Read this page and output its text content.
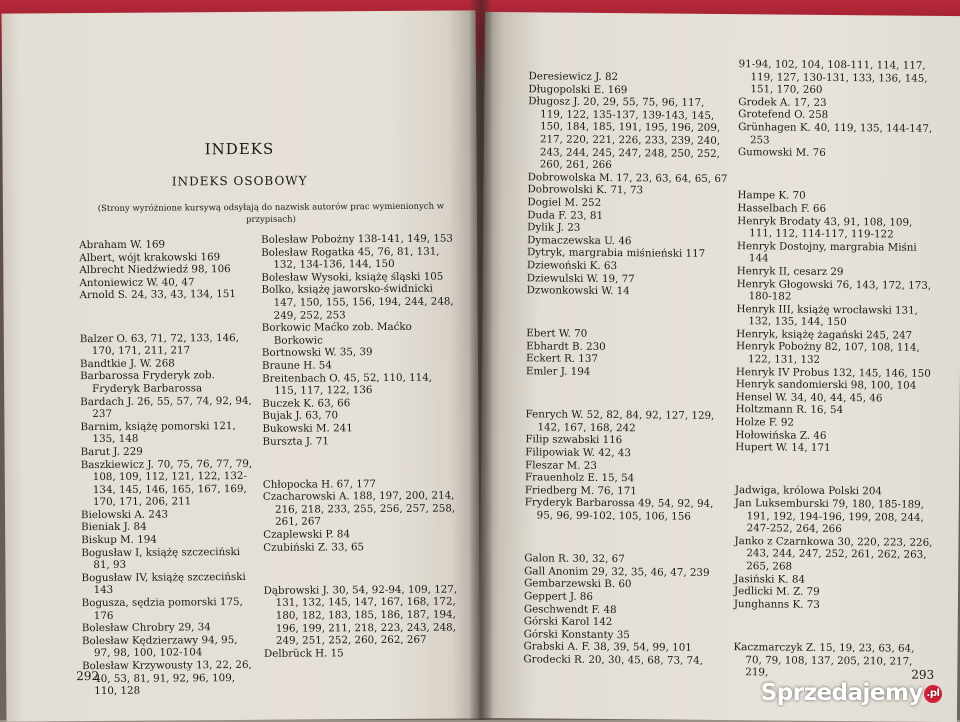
INDEKS
INDEKS OSOBOWY
(Strony wyróżnione kursywą odsyłają do nazwisk autorów prac wymienionych w przypisach)

Abraham W. 169

Albert, wójt krakowski 169

Albrecht Niedźwiedź 98, 106

Antoniewicz W. 40, 47

Arnold S. 24, 33, 43, 134, 151

Balzer O. 63, 71, 72, 133, 146, 170, 171, 211, 217

Bandtkie J. W. 268

Barbarossa Fryderyk zob. Fryderyk Barbarossa

Bardach J. 26, 55, 57, 74, 92, 94, 237

Barnim, książę pomorski 121, 135, 148

Barut J. 229

Baszkiewicz J. 70, 75, 76, 77, 79, 108, 109, 112, 121, 122, 132-134, 145, 146, 165, 167, 169, 170, 171, 206, 211

Bielowski A. 243

Bieniak J. 84

Biskup M. 194

Bogusław I, książę szczeciński 81, 93

Bogusław IV, książę szczeciński 143

Bogusza, sędzia pomorski 175, 176

Bolesław Chrobry 29, 34

Bolesław Kędzierzawy 94, 95, 97, 98, 100, 102-104

Bolesław Krzywousty 13, 22, 26, 40, 53, 81, 91, 92, 96, 109, 110, 128

Bolesław Pobożny 138-141, 149, 153

Bolesław Rogatka 45, 76, 81, 131, 132, 134-136, 144, 150

Bolesław Wysoki, książę śląski 105

Bolko, książę jaworsko-świdnicki 147, 150, 155, 156, 194, 244, 248, 249, 252, 253

Borkowic Maćko zob. Maćko Borkowic

Bortnowski W. 35, 39

Braune H. 54

Breitenbach O. 45, 52, 110, 114, 115, 117, 122, 136

Buczek K. 63, 66

Bujak J. 63, 70

Bukowski M. 241

Burszta J. 71

Chłopocka H. 67, 177

Czacharowski A. 188, 197, 200, 214, 216, 218, 233, 255, 256, 257, 258, 261, 267

Czaplewski P. 84

Czubiński Z. 33, 65

Dąbrowski J. 30, 54, 92-94, 109, 127, 131, 132, 145, 147, 167, 168, 172, 180, 182, 183, 185, 186, 187, 194, 196, 199, 211, 218, 223, 243, 248, 249, 251, 252, 260, 262, 267

Delbrück H. 15

292

Deresiewicz J. 82

Długopolski E. 169

Długosz J. 20, 29, 55, 75, 96, 117, 119, 122, 135-137, 139-143, 145, 150, 184, 185, 191, 195, 196, 209, 217, 220, 221, 226, 233, 239, 240, 243, 244, 245, 247, 248, 250, 252, 260, 261, 266

Dobrowolska M. 17, 23, 63, 64, 65, 67

Dobrowolski K. 71, 73

Dogiel M. 252

Duda F. 23, 81

Dylik J. 23

Dymaczewska U. 46

Dytryk, margrabia miśnieński 117

Dziewoński K. 63

Dziewulski W. 19, 77

Dzwonkowski W. 14

Ebert W. 70

Ebhardt B. 230

Eckert R. 137

Emler J. 194

Fenrych W. 52, 82, 84, 92, 127, 129, 142, 167, 168, 242

Filip szwabski 116

Filipowiak W. 42, 43

Fleszar M. 23

Frauenholz E. 15, 54

Friedberg M. 76, 171

Fryderyk Barbarossa 49, 54, 92, 94, 95, 96, 99-102, 105, 106, 156

Galon R. 30, 32, 67

Gall Anonim 29, 32, 35, 46, 47, 239

Gembarzewski B. 60

Geppert J. 86

Geschwendt F. 48

Górski Karol 142

Górski Konstanty 35

Grabski A. F. 38, 39, 54, 99, 101

Grodecki R. 20, 30, 45, 68, 73, 74,

91-94, 102, 104, 108-111, 114, 117, 119, 127, 130-131, 133, 136, 145, 151, 170, 260

Grodek A. 17, 23

Grotefend O. 258

Grünhagen K. 40, 119, 135, 144-147, 253

Gumowski M. 76

Hampe K. 70

Hasselbach F. 66

Henryk Brodaty 43, 91, 108, 109, 111, 112, 114-117, 119-122

Henryk Dostojny, margrabia Miśni 144

Henryk II, cesarz 29

Henryk Głogowski 76, 143, 172, 173, 180-182

Henryk III, książę wrocławski 131, 132, 135, 144, 150

Henryk, książę żagański 245, 247

Henryk Pobożny 82, 107, 108, 114, 122, 131, 132

Henryk IV Probus 132, 145, 146, 150

Henryk sandomierski 98, 100, 104

Hensel W. 34, 40, 44, 45, 46

Holtzmann R. 16, 54

Holze F. 92

Hołowińska Z. 46

Hupert W. 14, 171

Jadwiga, królowa Polski 204

Jan Luksemburski 79, 180, 185-189, 191, 192, 194-196, 199, 208, 244, 247-252, 264, 266

Janko z Czarnkowa 30, 220, 223, 226, 243, 244, 247, 252, 261, 262, 263, 265, 268

Jasiński K. 84

Jedlicki M. Z. 79

Junghanns K. 73

Kaczmarczyk Z. 15, 19, 23, 63, 64, 70, 79, 108, 137, 205, 210, 217, 219,	293
Sprzedajemy .pl
